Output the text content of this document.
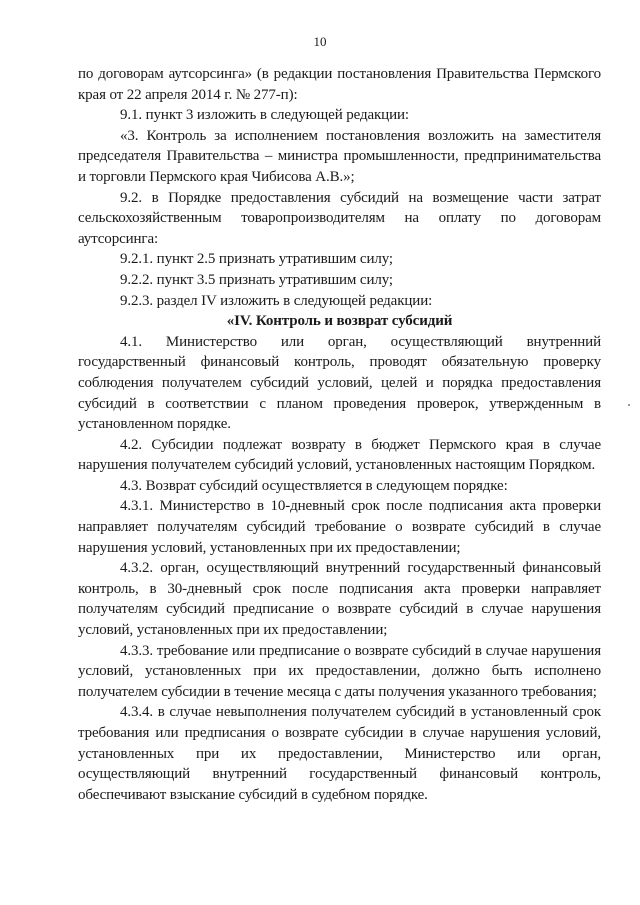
10

по договорам аутсорсинга» (в редакции постановления Правительства Пермского края от 22 апреля 2014 г. № 277-п):

9.1. пункт 3 изложить в следующей редакции:

«3. Контроль за исполнением постановления возложить на заместителя председателя Правительства – министра промышленности, предпринимательства и торговли Пермского края Чибисова А.В.»;

9.2. в Порядке предоставления субсидий на возмещение части затрат сельскохозяйственным товаропроизводителям на оплату по договорам аутсорсинга:

9.2.1. пункт 2.5 признать утратившим силу;

9.2.2. пункт 3.5 признать утратившим силу;

9.2.3. раздел IV изложить в следующей редакции:

«IV. Контроль и возврат субсидий

4.1. Министерство или орган, осуществляющий внутренний государственный финансовый контроль, проводят обязательную проверку соблюдения получателем субсидий условий, целей и порядка предоставления субсидий в соответствии с планом проведения проверок, утвержденным в установленном порядке.

4.2. Субсидии подлежат возврату в бюджет Пермского края в случае нарушения получателем субсидий условий, установленных настоящим Порядком.

4.3. Возврат субсидий осуществляется в следующем порядке:

4.3.1. Министерство в 10-дневный срок после подписания акта проверки направляет получателям субсидий требование о возврате субсидий в случае нарушения условий, установленных при их предоставлении;

4.3.2. орган, осуществляющий внутренний государственный финансовый контроль, в 30-дневный срок после подписания акта проверки направляет получателям субсидий предписание о возврате субсидий в случае нарушения условий, установленных при их предоставлении;

4.3.3. требование или предписание о возврате субсидий в случае нарушения условий, установленных при их предоставлении, должно быть исполнено получателем субсидии в течение месяца с даты получения указанного требования;

4.3.4. в случае невыполнения получателем субсидий в установленный срок требования или предписания о возврате субсидии в случае нарушения условий, установленных при их предоставлении, Министерство или орган, осуществляющий внутренний государственный финансовый контроль, обеспечивают взыскание субсидий в судебном порядке.
